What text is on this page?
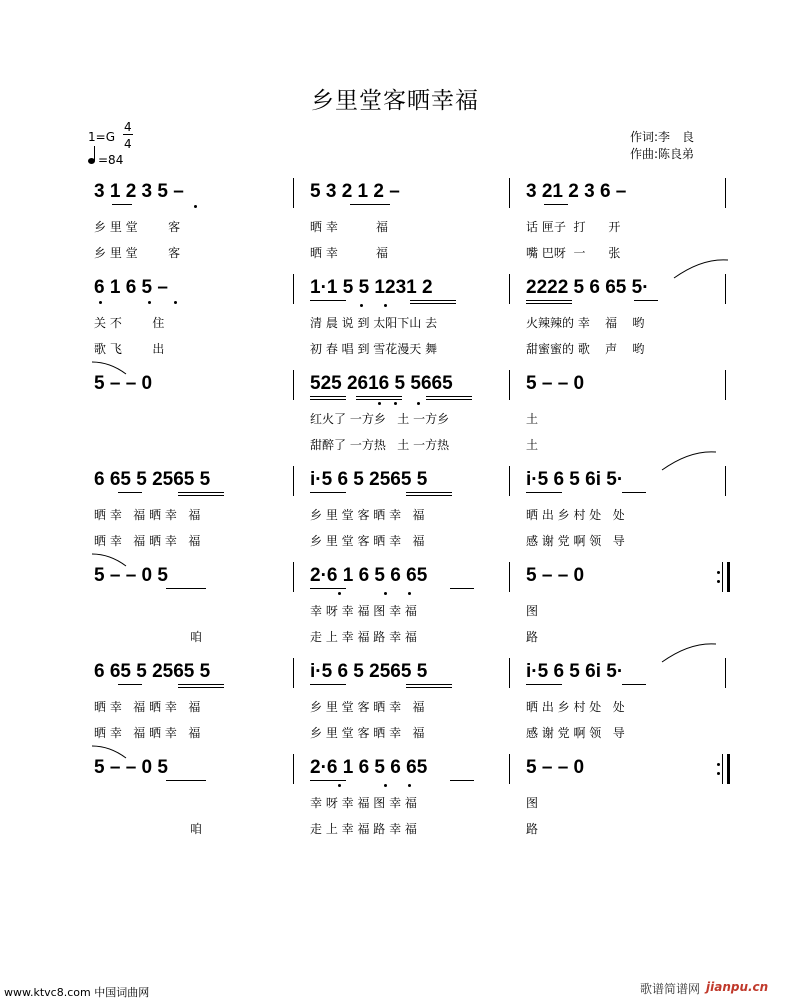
乡里堂客晒幸福
1=G
4
4
=84
作词:李　良
作曲:陈良弟
3 1 2 3 5 –	5 3 2 1 2 –	3 21 2 3 6 –
乡 里 堂        客	晒 幸          福	话 匣子  打      开
乡 里 堂        客	晒 幸          福	嘴 巴呀  一      张
6 1 6 5 –	1·1 5 5 1231 2	2222 5 6 65 5·
关 不        住	清 晨 说 到 太阳下山 去	火辣辣的 幸    福    哟
歌 飞        出	初 春 唱 到 雪花漫天 舞	甜蜜蜜的 歌    声    哟
5 – – 0	525 2616 5 5665	5 – – 0
红火了 一方乡   土 一方乡	土
甜醉了 一方热   土 一方热	土
6 65 5 2565 5	i·5 6 5 2565 5	i·5 6 5 6i 5·
晒 幸   福 晒 幸   福	乡 里 堂 客 晒 幸   福	晒 出 乡 村 处   处
晒 幸   福 晒 幸   福	乡 里 堂 客 晒 幸   福	感 谢 党 啊 领   导
5 – – 0 5	2·6 1 6 5 6 65	5 – – 0
幸 呀 幸 福 图 幸 福	图
咱	走 上 幸 福 路 幸 福	路
6 65 5 2565 5	i·5 6 5 2565 5	i·5 6 5 6i 5·
晒 幸   福 晒 幸   福	乡 里 堂 客 晒 幸   福	晒 出 乡 村 处   处
晒 幸   福 晒 幸   福	乡 里 堂 客 晒 幸   福	感 谢 党 啊 领   导
5 – – 0 5	2·6 1 6 5 6 65	5 – – 0
幸 呀 幸 福 图 幸 福	图
咱	走 上 幸 福 路 幸 福	路
www.ktvc8.com 中国词曲网	歌谱简谱网 jianpu.cn
